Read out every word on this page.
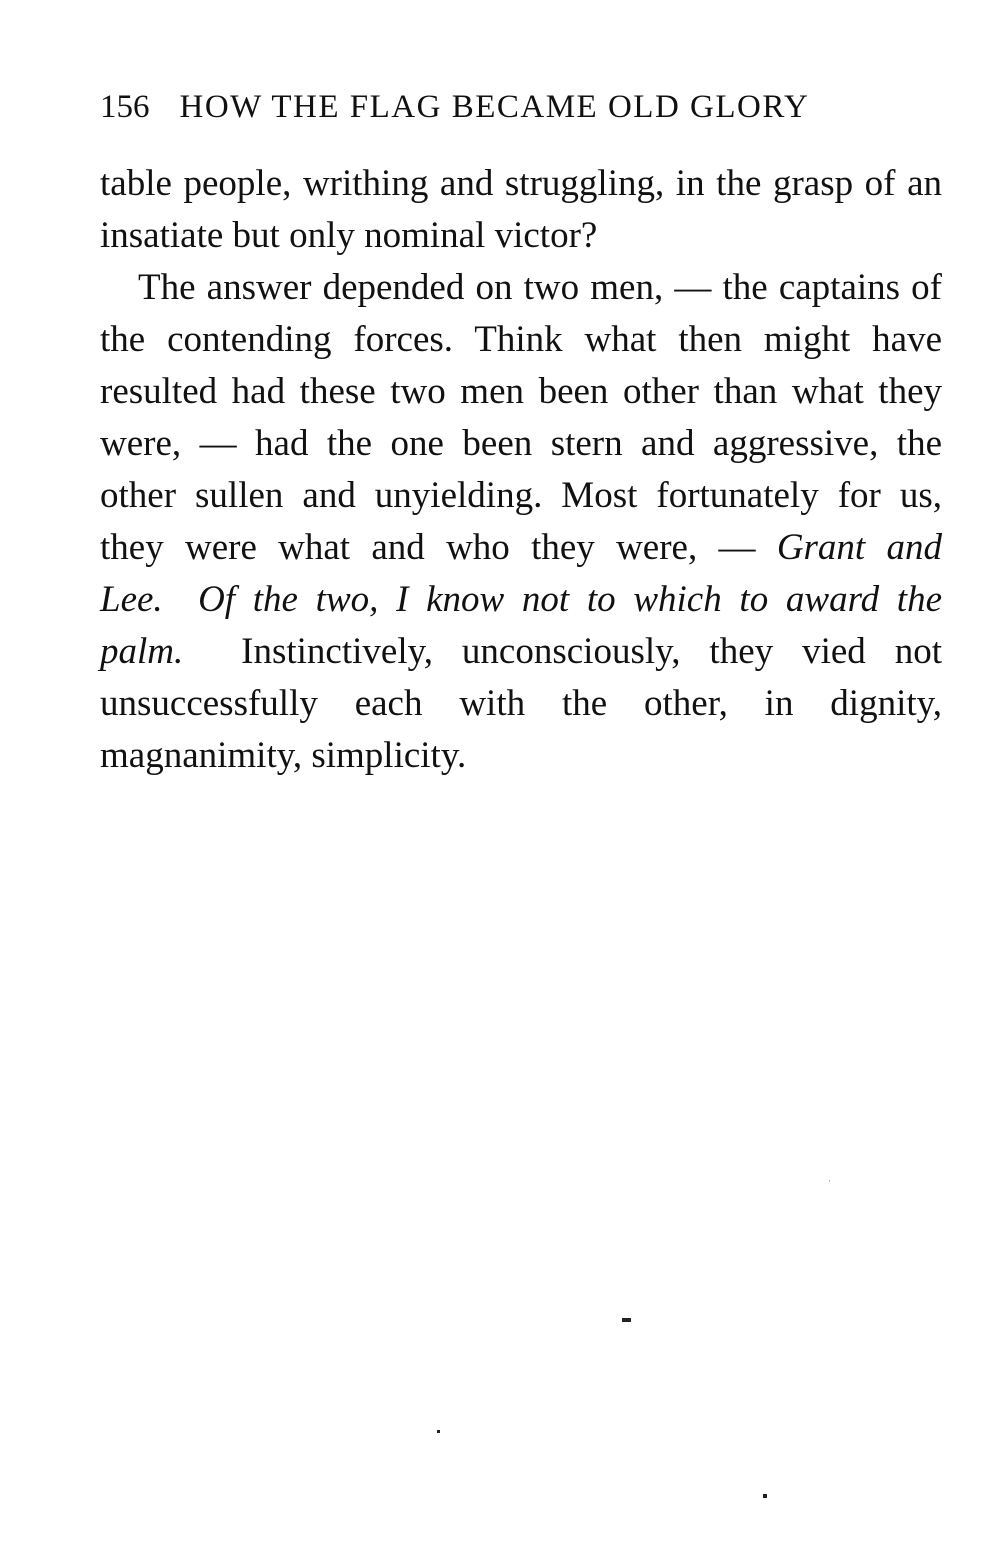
156 HOW THE FLAG BECAME OLD GLORY

table people, writhing and struggling, in the grasp of an insatiate but only nominal victor?

The answer depended on two men, — the captains of the contending forces. Think what then might have resulted had these two men been other than what they were, — had the one been stern and aggressive, the other sullen and unyielding. Most fortunately for us, they were what and who they were, — Grant and Lee. Of the two, I know not to which to award the palm. Instinctively, unconsciously, they vied not unsuccessfully each with the other, in dignity, magnanimity, simplicity.
